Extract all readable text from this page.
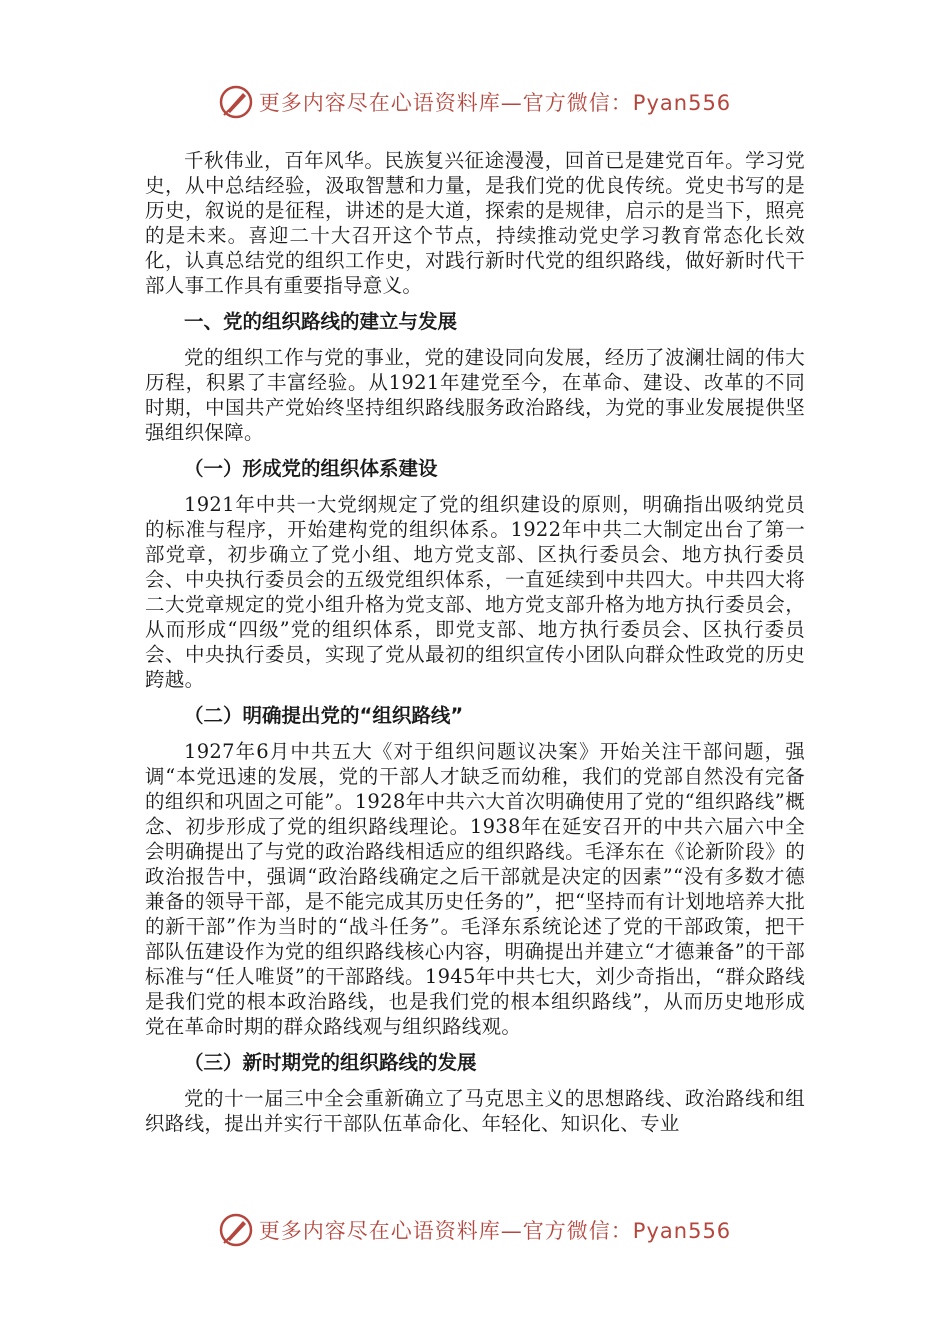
更多内容尽在心语资料库—官方微信：Pyan556

千秋伟业，百年风华。民族复兴征途漫漫，回首已是建党百年。学习党史，从中总结经验，汲取智慧和力量，是我们党的优良传统。党史书写的是历史，叙说的是征程，讲述的是大道，探索的是规律，启示的是当下，照亮的是未来。喜迎二十大召开这个节点，持续推动党史学习教育常态化长效化，认真总结党的组织工作史，对践行新时代党的组织路线，做好新时代干部人事工作具有重要指导意义。

一、党的组织路线的建立与发展

党的组织工作与党的事业，党的建设同向发展，经历了波澜壮阔的伟大历程，积累了丰富经验。从1921年建党至今，在革命、建设、改革的不同时期，中国共产党始终坚持组织路线服务政治路线，为党的事业发展提供坚强组织保障。

（一）形成党的组织体系建设

1921年中共一大党纲规定了党的组织建设的原则，明确指出吸纳党员的标准与程序，开始建构党的组织体系。1922年中共二大制定出台了第一部党章，初步确立了党小组、地方党支部、区执行委员会、地方执行委员会、中央执行委员会的五级党组织体系，一直延续到中共四大。中共四大将二大党章规定的党小组升格为党支部、地方党支部升格为地方执行委员会，从而形成“四级”党的组织体系，即党支部、地方执行委员会、区执行委员会、中央执行委员，实现了党从最初的组织宣传小团队向群众性政党的历史跨越。

（二）明确提出党的“组织路线”

1927年6月中共五大《对于组织问题议决案》开始关注干部问题，强调“本党迅速的发展，党的干部人才缺乏而幼稚，我们的党部自然没有完备的组织和巩固之可能”。1928年中共六大首次明确使用了党的“组织路线”概念、初步形成了党的组织路线理论。1938年在延安召开的中共六届六中全会明确提出了与党的政治路线相适应的组织路线。毛泽东在《论新阶段》的政治报告中，强调“政治路线确定之后干部就是决定的因素”“没有多数才德兼备的领导干部，是不能完成其历史任务的”，把“坚持而有计划地培养大批的新干部”作为当时的“战斗任务”。毛泽东系统论述了党的干部政策，把干部队伍建设作为党的组织路线核心内容，明确提出并建立“才德兼备”的干部标准与“任人唯贤”的干部路线。1945年中共七大，刘少奇指出，“群众路线是我们党的根本政治路线，也是我们党的根本组织路线”，从而历史地形成党在革命时期的群众路线观与组织路线观。

（三）新时期党的组织路线的发展

党的十一届三中全会重新确立了马克思主义的思想路线、政治路线和组织路线，提出并实行干部队伍革命化、年轻化、知识化、专业

更多内容尽在心语资料库—官方微信：Pyan556
